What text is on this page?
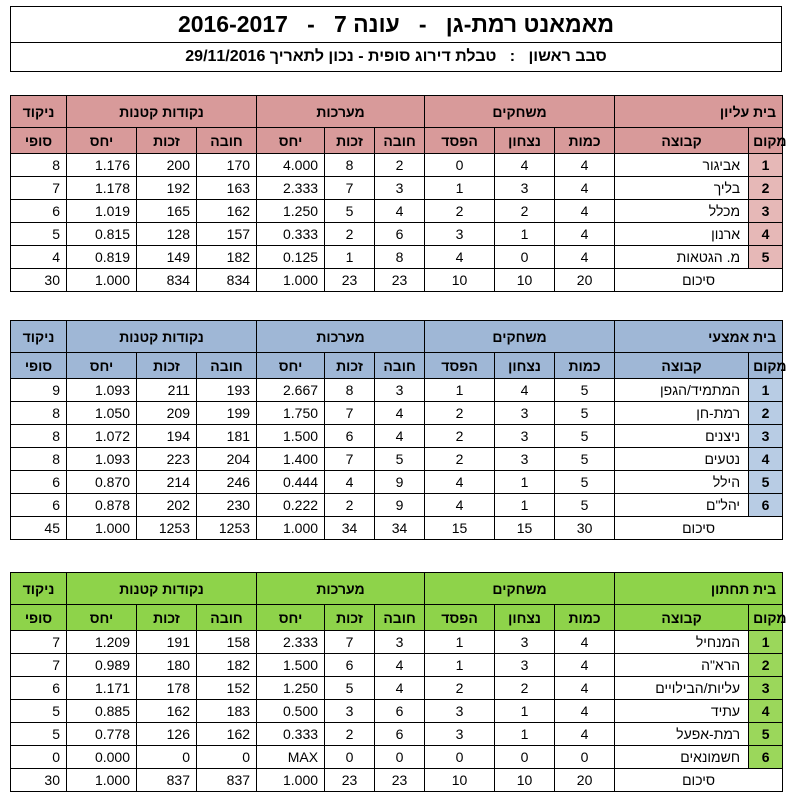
מאמאנט רמת-גן   -   עונה 7   -   2016-2017
סבב ראשון   :   טבלת דירוג סופית - נכון לתאריך 29/11/2016
ניקוד	נקודות קטנות			מערכות			משחקים			בית עליון	
סופי	יחס	זכות	חובה	יחס	זכות	חובה	הפסד	נצחון	כמות	קבוצה	מקום
8	1.176	200	170	4.000	8	2	0	4	4	אביגור	1
7	1.178	192	163	2.333	7	3	1	3	4	בליך	2
6	1.019	165	162	1.250	5	4	2	2	4	מכלל	3
5	0.815	128	157	0.333	2	6	3	1	4	ארנון	4
4	0.819	149	182	0.125	1	8	4	0	4	מ. הגטאות	5
30	1.000	834	834	1.000	23	23	10	10	20	סיכום	
ניקוד	נקודות קטנות			מערכות			משחקים			בית אמצעי	
סופי	יחס	זכות	חובה	יחס	זכות	חובה	הפסד	נצחון	כמות	קבוצה	מקום
9	1.093	211	193	2.667	8	3	1	4	5	המתמיד/הגפן	1
8	1.050	209	199	1.750	7	4	2	3	5	רמת-חן	2
8	1.072	194	181	1.500	6	4	2	3	5	ניצנים	3
8	1.093	223	204	1.400	7	5	2	3	5	נטעים	4
6	0.870	214	246	0.444	4	9	4	1	5	הילל	5
6	0.878	202	230	0.222	2	9	4	1	5	יהל"ם	6
45	1.000	1253	1253	1.000	34	34	15	15	30	סיכום	
ניקוד	נקודות קטנות			מערכות			משחקים			בית תחתון	
סופי	יחס	זכות	חובה	יחס	זכות	חובה	הפסד	נצחון	כמות	קבוצה	מקום
7	1.209	191	158	2.333	7	3	1	3	4	המנחיל	1
7	0.989	180	182	1.500	6	4	1	3	4	הרא"ה	2
6	1.171	178	152	1.250	5	4	2	2	4	עליות/הבילויים	3
5	0.885	162	183	0.500	3	6	3	1	4	עתיד	4
5	0.778	126	162	0.333	2	6	3	1	4	רמת-אפעל	5
0	0.000	0	0	MAX	0	0	0	0	0	חשמונאים	6
30	1.000	837	837	1.000	23	23	10	10	20	סיכום	
